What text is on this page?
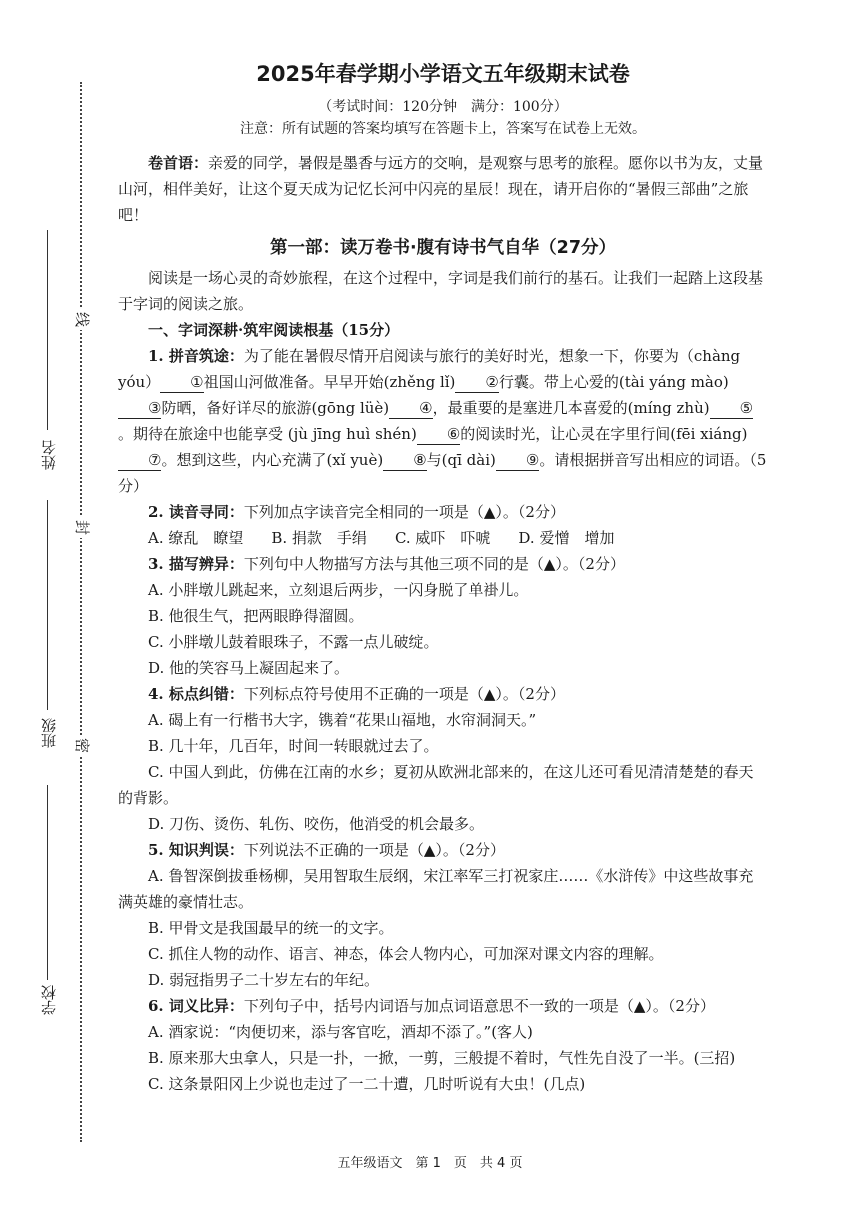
姓名
班级
学校
线
封
密
2025年春学期小学语文五年级期末试卷
（考试时间：120分钟　满分：100分）
注意：所有试题的答案均填写在答题卡上，答案写在试卷上无效。

卷首语：亲爱的同学，暑假是墨香与远方的交响，是观察与思考的旅程。愿你以书为友，丈量山河，相伴美好，让这个夏天成为记忆长河中闪亮的星辰！现在，请开启你的“暑假三部曲”之旅吧！

第一部：读万卷书·腹有诗书气自华（27分）

阅读是一场心灵的奇妙旅程，在这个过程中，字词是我们前行的基石。让我们一起踏上这段基于字词的阅读之旅。

一、字词深耕·筑牢阅读根基（15分）

1. 拼音筑途：为了能在暑假尽情开启阅读与旅行的美好时光，想象一下，你要为（chàng yóu） ①祖国山河做准备。早早开始(zhěng lǐ) ②行囊。带上心爱的(tài yáng mào)③防晒，备好详尽的旅游(gōng lüè) ④，最重要的是塞进几本喜爱的(míng zhù) ⑤。期待在旅途中也能享受 (jù jīng huì shén) ⑥的阅读时光，让心灵在字里行间(fēi xiáng)⑦。想到这些，内心充满了(xǐ yuè) ⑧与(qī dài) ⑨。请根据拼音写出相应的词语。（5分）

2. 读音寻同：下列加点字读音完全相同的一项是（▲）。（2分）

A. 缭乱　瞭望 B. 捐款　手绢 C. 威吓　吓唬 D. 爱憎　增加

3. 描写辨异：下列句中人物描写方法与其他三项不同的是（▲）。（2分）

A. 小胖墩儿跳起来，立刻退后两步，一闪身脱了单褂儿。

B. 他很生气，把两眼睁得溜圆。

C. 小胖墩儿鼓着眼珠子，不露一点儿破绽。

D. 他的笑容马上凝固起来了。

4. 标点纠错：下列标点符号使用不正确的一项是（▲）。（2分）

A. 碣上有一行楷书大字，镌着“花果山福地，水帘洞洞天。”

B. 几十年，几百年，时间一转眼就过去了。

C. 中国人到此，仿佛在江南的水乡；夏初从欧洲北部来的，在这儿还可看见清清楚楚的春天的背影。

D. 刀伤、烫伤、轧伤、咬伤，他消受的机会最多。

5. 知识判误：下列说法不正确的一项是（▲）。（2分）

A. 鲁智深倒拔垂杨柳，吴用智取生辰纲，宋江率军三打祝家庄……《水浒传》中这些故事充满英雄的豪情壮志。

B. 甲骨文是我国最早的统一的文字。

C. 抓住人物的动作、语言、神态，体会人物内心，可加深对课文内容的理解。

D. 弱冠指男子二十岁左右的年纪。

6. 词义比异：下列句子中，括号内词语与加点词语意思不一致的一项是（▲）。（2分）

A. 酒家说：“肉便切来，添与客官吃，酒却不添了。”(客人)

B. 原来那大虫拿人，只是一扑，一掀，一剪，三般提不着时，气性先自没了一半。(三招)

C. 这条景阳冈上少说也走过了一二十遭，几时听说有大虫！(几点)

五年级语文　第 1　页　共 4 页
